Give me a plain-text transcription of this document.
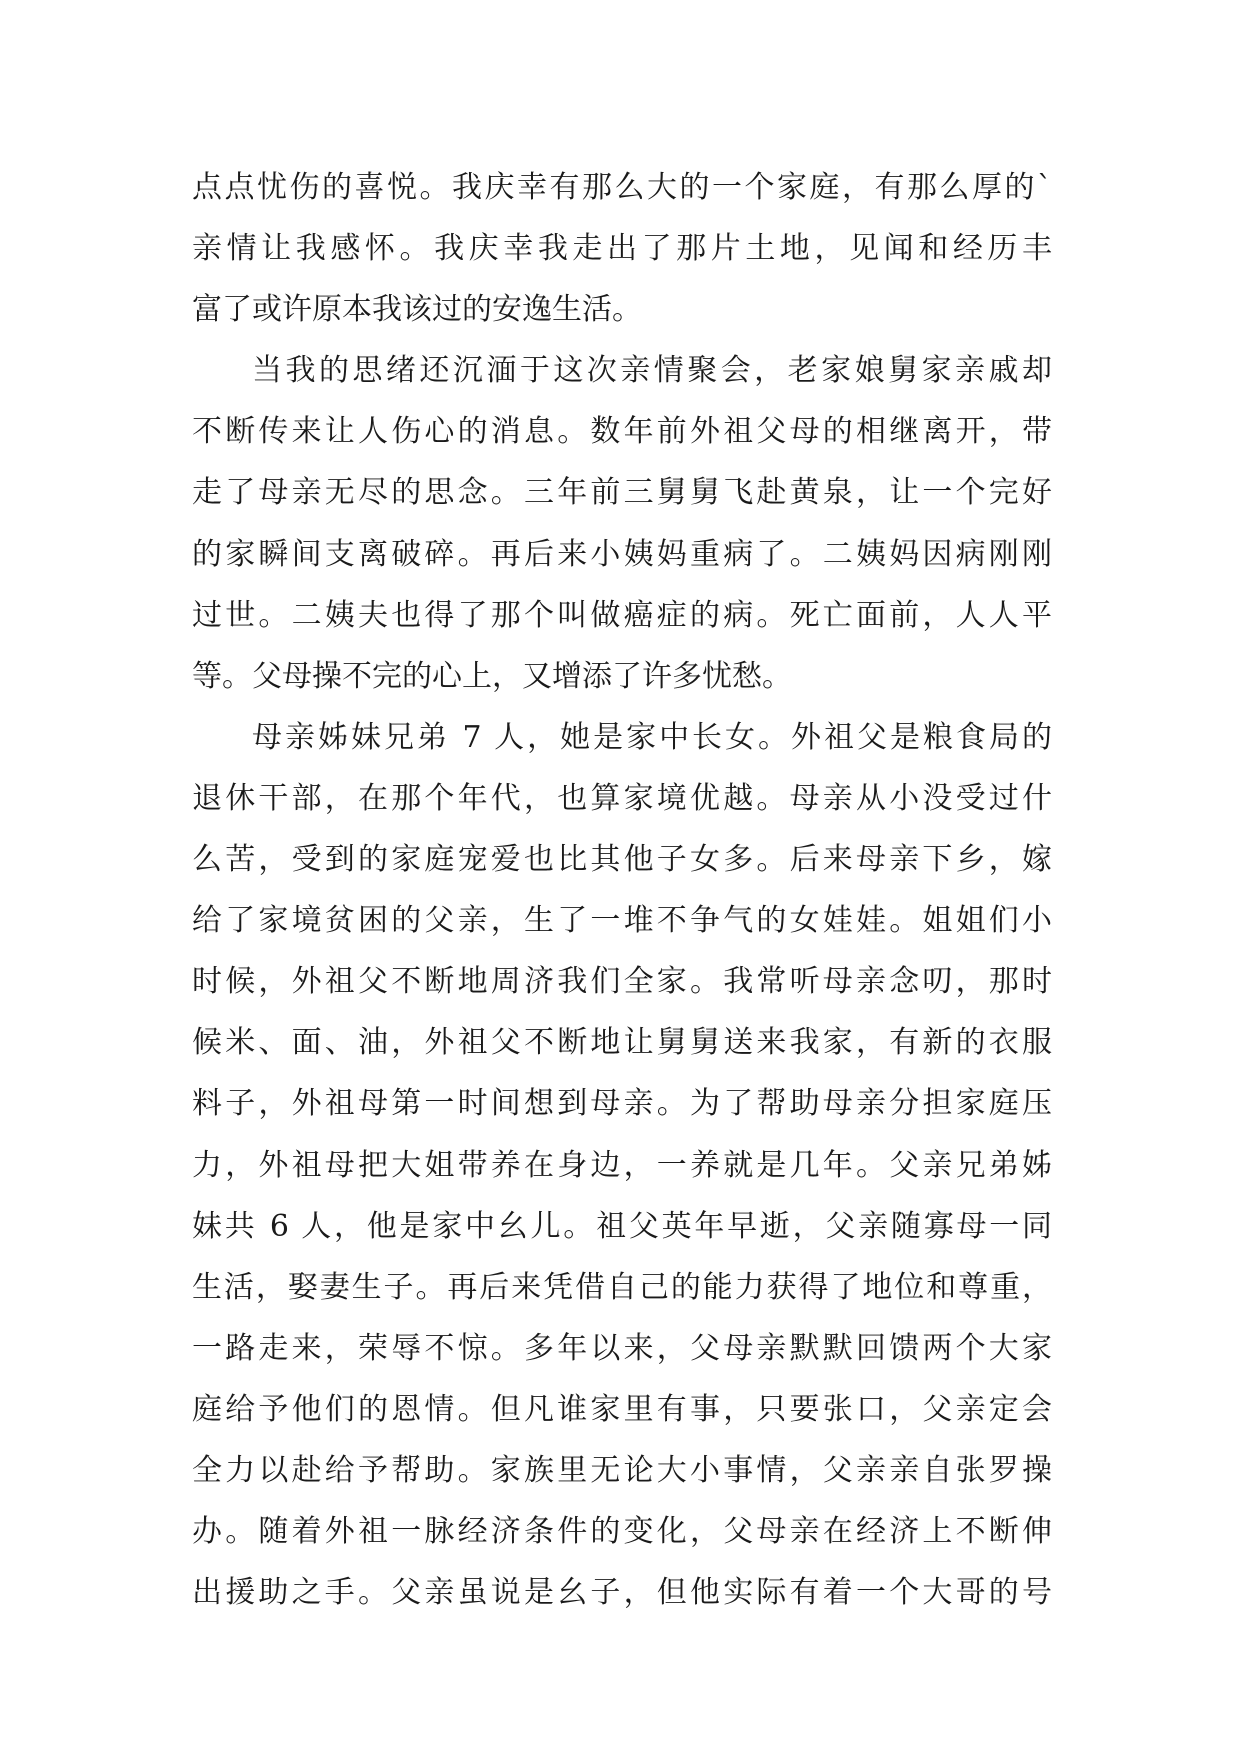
点点忧伤的喜悦。我庆幸有那么大的一个家庭，有那么厚的`
亲情让我感怀。我庆幸我走出了那片土地，见闻和经历丰
富了或许原本我该过的安逸生活。
当我的思绪还沉湎于这次亲情聚会，老家娘舅家亲戚却
不断传来让人伤心的消息。数年前外祖父母的相继离开，带
走了母亲无尽的思念。三年前三舅舅飞赴黄泉，让一个完好
的家瞬间支离破碎。再后来小姨妈重病了。二姨妈因病刚刚
过世。二姨夫也得了那个叫做癌症的病。死亡面前，人人平
等。父母操不完的心上，又增添了许多忧愁。
母亲姊妹兄弟 7 人，她是家中长女。外祖父是粮食局的
退休干部，在那个年代，也算家境优越。母亲从小没受过什
么苦，受到的家庭宠爱也比其他子女多。后来母亲下乡，嫁
给了家境贫困的父亲，生了一堆不争气的女娃娃。姐姐们小
时候，外祖父不断地周济我们全家。我常听母亲念叨，那时
候米、面、油，外祖父不断地让舅舅送来我家，有新的衣服
料子，外祖母第一时间想到母亲。为了帮助母亲分担家庭压
力，外祖母把大姐带养在身边，一养就是几年。父亲兄弟姊
妹共 6 人，他是家中幺儿。祖父英年早逝，父亲随寡母一同
生活，娶妻生子。再后来凭借自己的能力获得了地位和尊重，
一路走来，荣辱不惊。多年以来，父母亲默默回馈两个大家
庭给予他们的恩情。但凡谁家里有事，只要张口，父亲定会
全力以赴给予帮助。家族里无论大小事情，父亲亲自张罗操
办。随着外祖一脉经济条件的变化，父母亲在经济上不断伸
出援助之手。父亲虽说是幺子，但他实际有着一个大哥的号
